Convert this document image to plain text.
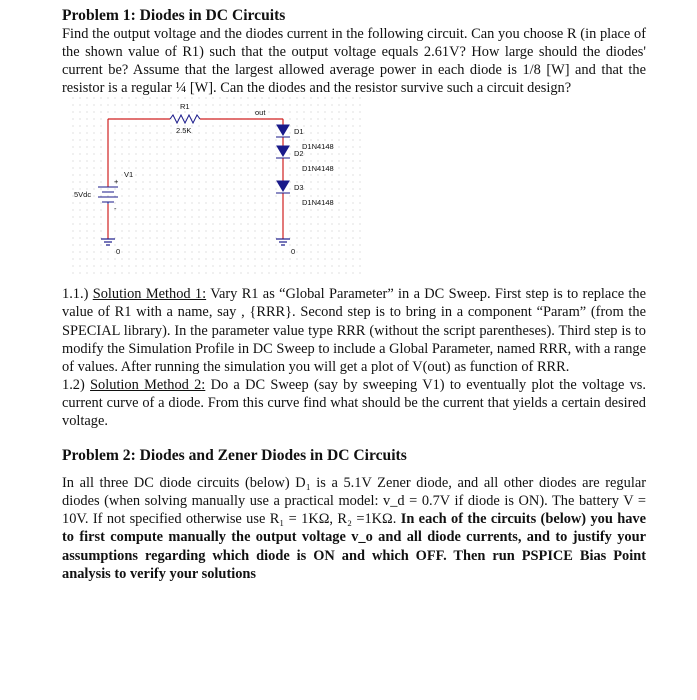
Problem 1: Diodes in DC Circuits

Find the output voltage and the diodes current in the following circuit. Can you choose R (in place of the shown value of R1) such that the output voltage equals 2.61V? How large should the diodes' current be? Assume that the largest allowed average power in each diode is 1/8 [W] and that the resistor is a regular ¼ [W]. Can the diodes and the resistor survive such a circuit design?

R1
2.5K
out
+
-
V1
5Vdc
D1
D1N4148
D2
D1N4148
D3
D1N4148
0	0

1.1.) Solution Method 1: Vary R1 as “Global Parameter” in a DC Sweep. First step is to replace the value of R1 with a name, say , {RRR}. Second step is to bring in a component “Param” (from the SPECIAL library). In the parameter value type RRR (without the script parentheses). Third step is to modify the Simulation Profile in DC Sweep to include a Global Parameter, named RRR, with a range of values. After running the simulation you will get a plot of V(out) as function of RRR.

1.2) Solution Method 2: Do a DC Sweep (say by sweeping V1) to eventually plot the voltage vs. current curve of a diode. From this curve find what should be the current that yields a certain desired voltage.

Problem 2: Diodes and Zener Diodes in DC Circuits

In all three DC diode circuits (below) D₁ is a 5.1V Zener diode, and all other diodes are regular diodes (when solving manually use a practical model: v_d = 0.7V if diode is ON). The battery V = 10V. If not specified otherwise use R₁ = 1KΩ, R₂ =1KΩ. In each of the circuits (below) you have to first compute manually the output voltage v_o and all diode currents, and to justify your assumptions regarding which diode is ON and which OFF. Then run PSPICE Bias Point analysis to verify your solutions
